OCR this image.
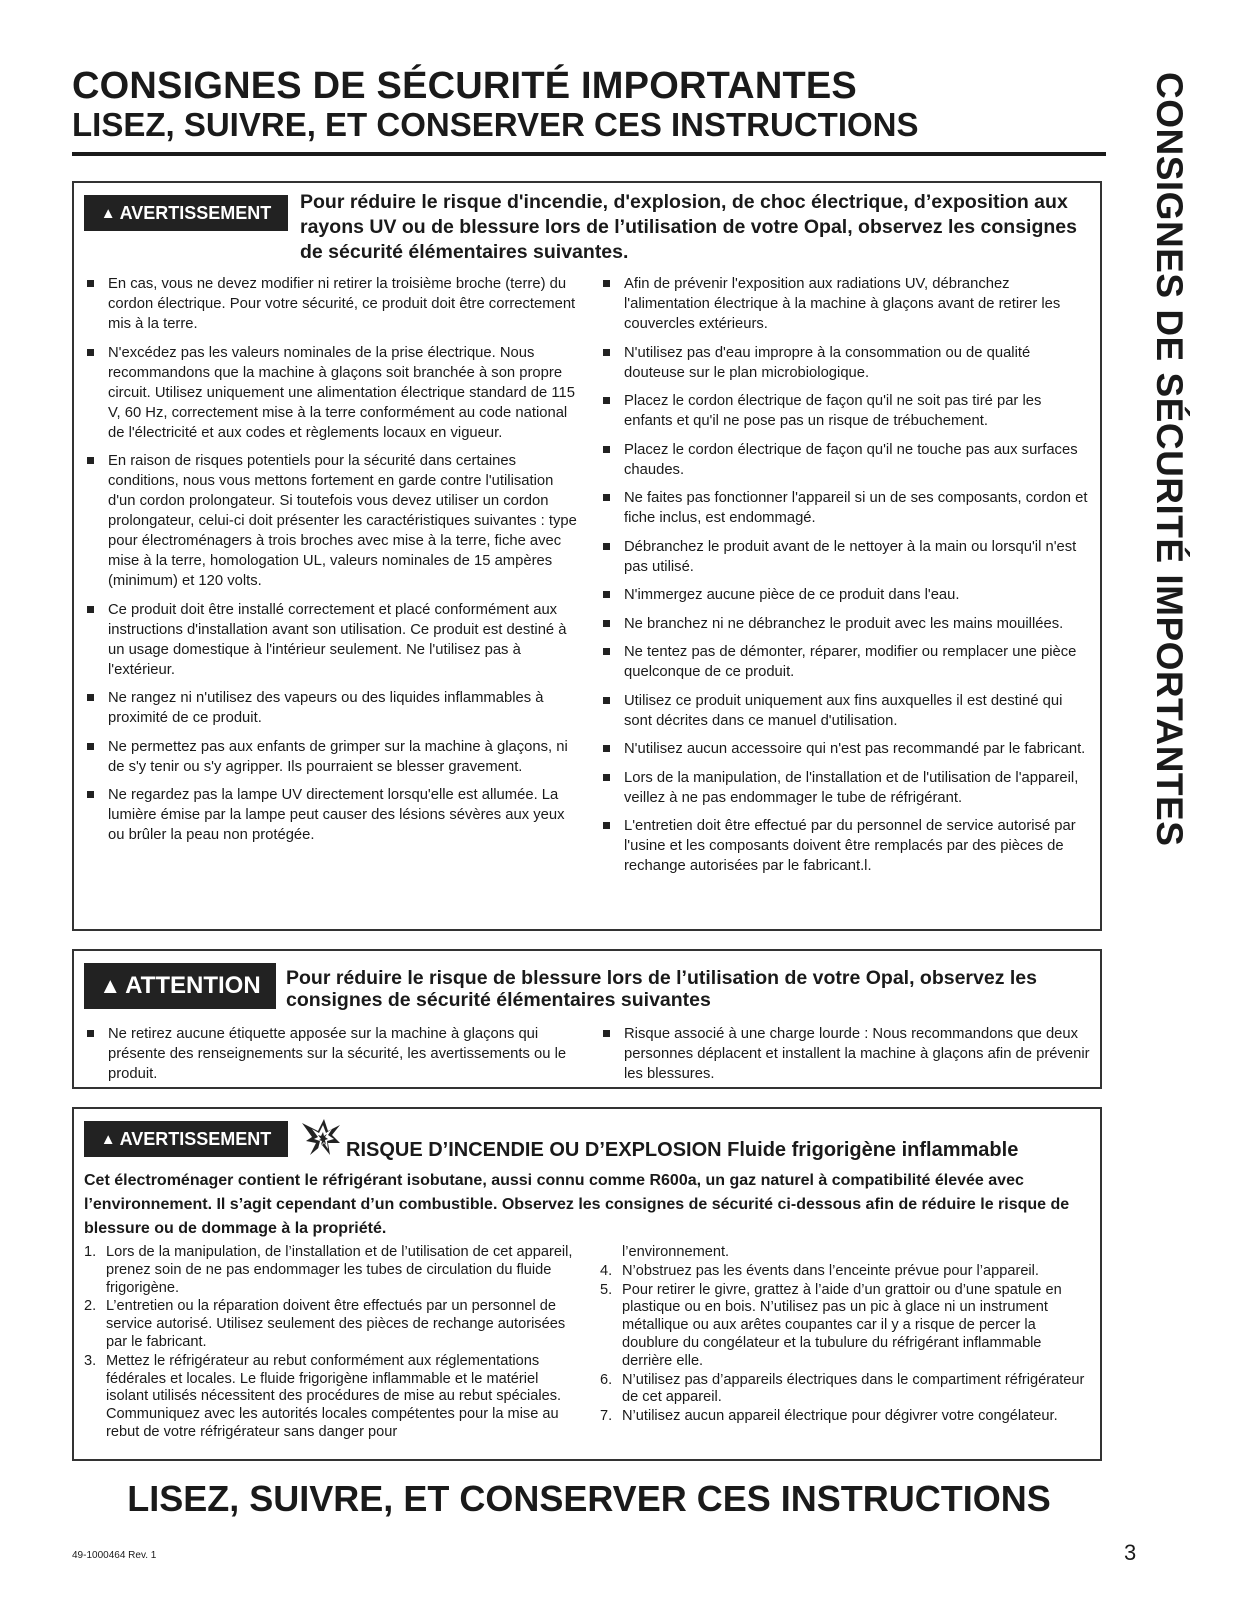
CONSIGNES DE SÉCURITÉ IMPORTANTES
LISEZ, SUIVRE, ET CONSERVER CES INSTRUCTIONS	CONSIGNES DE SÉCURITÉ IMPORTANTES
▲ AVERTISSEMENT Pour réduire le risque d'incendie, d'explosion, de choc électrique, d’exposition aux rayons UV ou de blessure lors de l’utilisation de votre Opal, observez les consignes de sécurité élémentaires suivantes.
En cas, vous ne devez modifier ni retirer la troisième broche (terre) du cordon électrique. Pour votre sécurité, ce produit doit être correctement mis à la terre.
N'excédez pas les valeurs nominales de la prise électrique. Nous recommandons que la machine à glaçons soit branchée à son propre circuit. Utilisez uniquement une alimentation électrique standard de 115 V, 60 Hz, correctement mise à la terre conformément au code national de l'électricité et aux codes et règlements locaux en vigueur.
En raison de risques potentiels pour la sécurité dans certaines conditions, nous vous mettons fortement en garde contre l'utilisation d'un cordon prolongateur. Si toutefois vous devez utiliser un cordon prolongateur, celui-ci doit présenter les caractéristiques suivantes : type pour électroménagers à trois broches avec mise à la terre, fiche avec mise à la terre, homologation UL, valeurs nominales de 15 ampères (minimum) et 120 volts.
Ce produit doit être installé correctement et placé conformément aux instructions d'installation avant son utilisation. Ce produit est destiné à un usage domestique à l'intérieur seulement. Ne l'utilisez pas à l'extérieur.
Ne rangez ni n'utilisez des vapeurs ou des liquides inflammables à proximité de ce produit.
Ne permettez pas aux enfants de grimper sur la machine à glaçons, ni de s'y tenir ou s'y agripper. Ils pourraient se blesser gravement.
Ne regardez pas la lampe UV directement lorsqu'elle est allumée. La lumière émise par la lampe peut causer des lésions sévères aux yeux ou brûler la peau non protégée.
Afin de prévenir l'exposition aux radiations UV, débranchez l'alimentation électrique à la machine à glaçons avant de retirer les couvercles extérieurs.
N'utilisez pas d'eau impropre à la consommation ou de qualité douteuse sur le plan microbiologique.
Placez le cordon électrique de façon qu'il ne soit pas tiré par les enfants et qu'il ne pose pas un risque de trébuchement.
Placez le cordon électrique de façon qu'il ne touche pas aux surfaces chaudes.
Ne faites pas fonctionner l'appareil si un de ses composants, cordon et fiche inclus, est endommagé.
Débranchez le produit avant de le nettoyer à la main ou lorsqu'il n'est pas utilisé.
N'immergez aucune pièce de ce produit dans l'eau.
Ne branchez ni ne débranchez le produit avec les mains mouillées.
Ne tentez pas de démonter, réparer, modifier ou remplacer une pièce quelconque de ce produit.
Utilisez ce produit uniquement aux fins auxquelles il est destiné qui sont décrites dans ce manuel d'utilisation.
N'utilisez aucun accessoire qui n'est pas recommandé par le fabricant.
Lors de la manipulation, de l'installation et de l'utilisation de l'appareil, veillez à ne pas endommager le tube de réfrigérant.
L'entretien doit être effectué par du personnel de service autorisé par l'usine et les composants doivent être remplacés par des pièces de rechange autorisées par le fabricant.l.
▲ ATTENTION Pour réduire le risque de blessure lors de l’utilisation de votre Opal, observez les consignes de sécurité élémentaires suivantes
Ne retirez aucune étiquette apposée sur la machine à glaçons qui présente des renseignements sur la sécurité, les avertissements ou le produit.
Risque associé à une charge lourde : Nous recommandons que deux personnes déplacent et installent la machine à glaçons afin de prévenir les blessures.
▲ AVERTISSEMENT
RISQUE D’INCENDIE OU D’EXPLOSION Fluide frigorigène inflammable
Cet électroménager contient le réfrigérant isobutane, aussi connu comme R600a, un gaz naturel à compatibilité élevée avec l’environnement. Il s’agit cependant d’un combustible. Observez les consignes de sécurité ci-dessous afin de réduire le risque de blessure ou de dommage à la propriété.
1. Lors de la manipulation, de l’installation et de l’utilisation de cet appareil, prenez soin de ne pas endommager les tubes de circulation du fluide frigorigène.
2. L’entretien ou la réparation doivent être effectués par un personnel de service autorisé. Utilisez seulement des pièces de rechange autorisées par le fabricant.
3. Mettez le réfrigérateur au rebut conformément aux réglementations fédérales et locales. Le fluide frigorigène inflammable et le matériel isolant utilisés nécessitent des procédures de mise au rebut spéciales. Communiquez avec les autorités locales compétentes pour la mise au rebut de votre réfrigérateur sans danger pour
l’environnement.
4. N’obstruez pas les évents dans l’enceinte prévue pour l’appareil.
5. Pour retirer le givre, grattez à l’aide d’un grattoir ou d’une spatule en plastique ou en bois. N’utilisez pas un pic à glace ni un instrument métallique ou aux arêtes coupantes car il y a risque de percer la doublure du congélateur et la tubulure du réfrigérant inflammable derrière elle.
6. N’utilisez pas d’appareils électriques dans le compartiment réfrigérateur de cet appareil.
7. N’utilisez aucun appareil électrique pour dégivrer votre congélateur.
LISEZ, SUIVRE, ET CONSERVER CES INSTRUCTIONS
49-1000464 Rev. 1	3
